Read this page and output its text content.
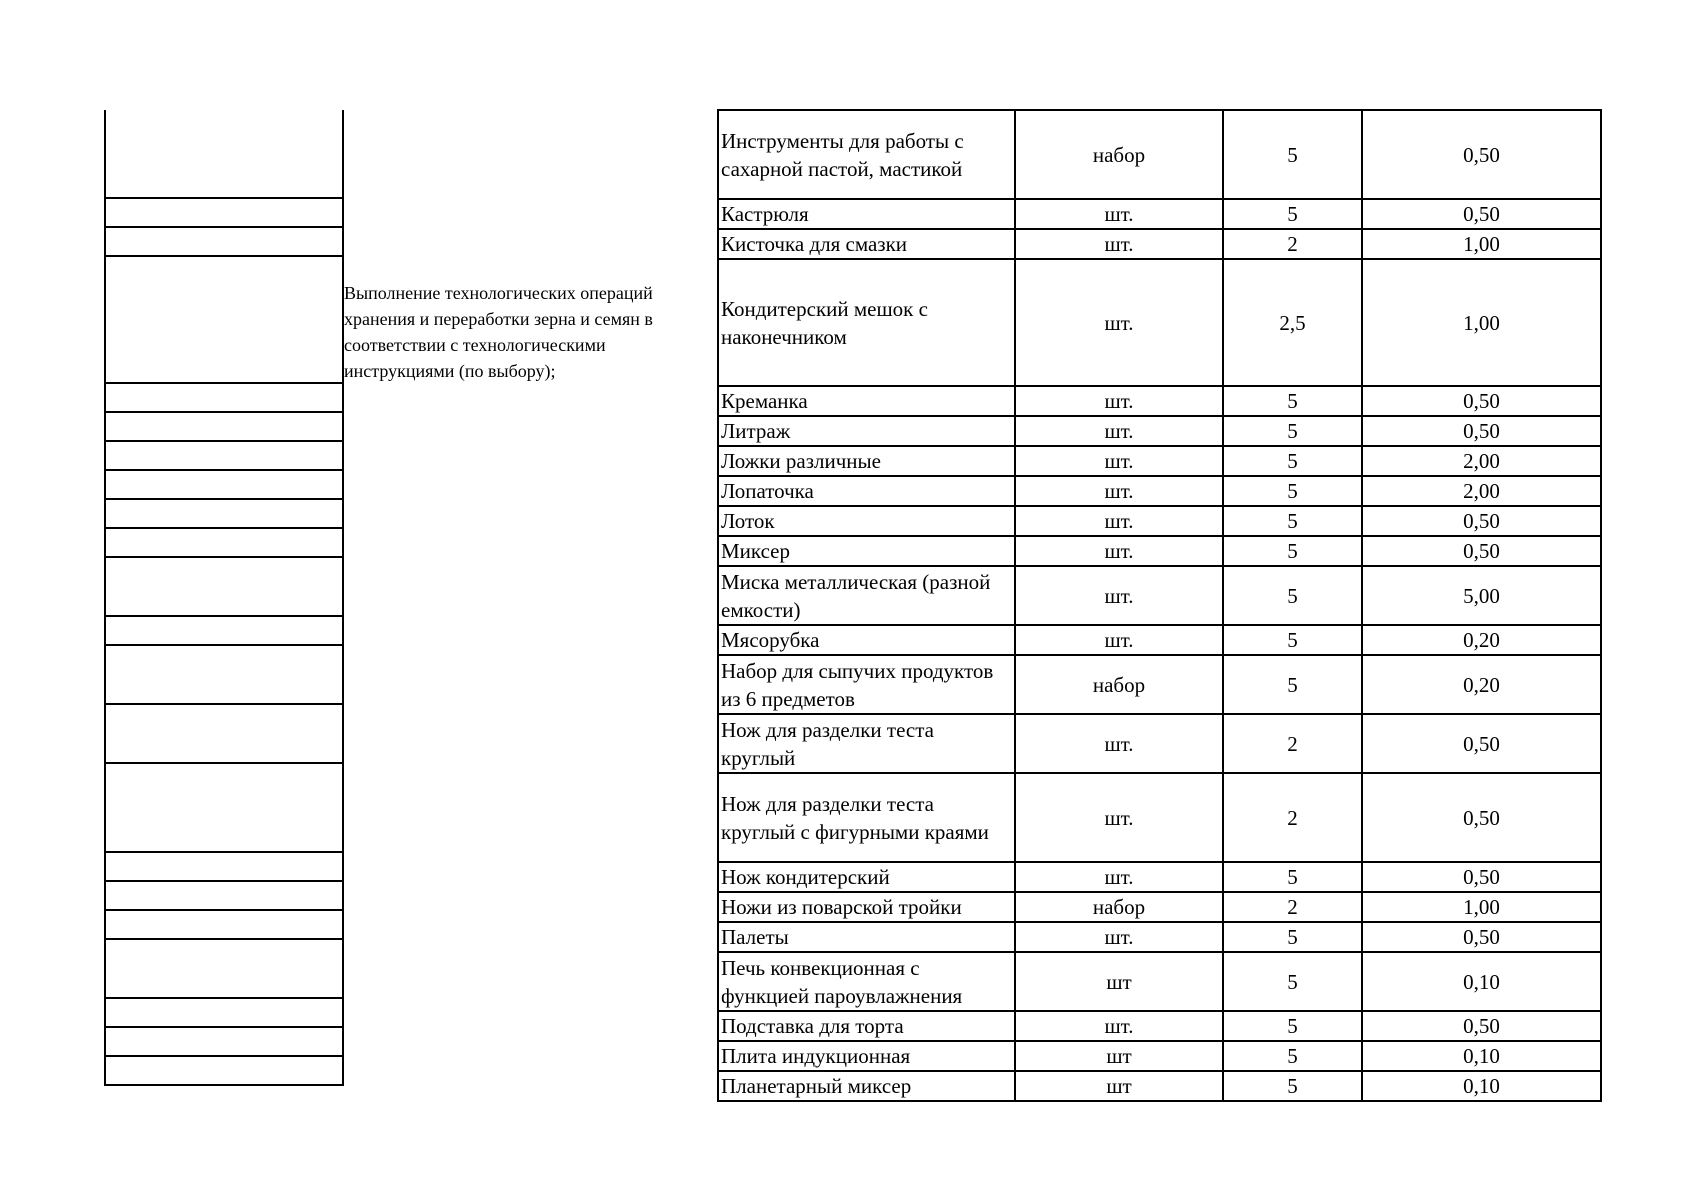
Выполнение технологических операций хранения и переработки зерна и семян в соответствии с технологическими инструкциями (по выбору);
Инструменты для работы с сахарной пастой, мастикой	набор	5	0,50
Кастрюля	шт.	5	0,50
Кисточка для смазки	шт.	2	1,00
Кондитерский мешок с наконечником	шт.	2,5	1,00
Креманка	шт.	5	0,50
Литраж	шт.	5	0,50
Ложки различные	шт.	5	2,00
Лопаточка	шт.	5	2,00
Лоток	шт.	5	0,50
Миксер	шт.	5	0,50
Миска металлическая (разной емкости)	шт.	5	5,00
Мясорубка	шт.	5	0,20
Набор для сыпучих продуктов из 6 предметов	набор	5	0,20
Нож для разделки теста круглый	шт.	2	0,50
Нож для разделки теста круглый с фигурными краями	шт.	2	0,50
Нож кондитерский	шт.	5	0,50
Ножи из поварской тройки	набор	2	1,00
Палеты	шт.	5	0,50
Печь конвекционная с функцией пароувлажнения	шт	5	0,10
Подставка для торта	шт.	5	0,50
Плита индукционная	шт	5	0,10
Планетарный миксер	шт	5	0,10
